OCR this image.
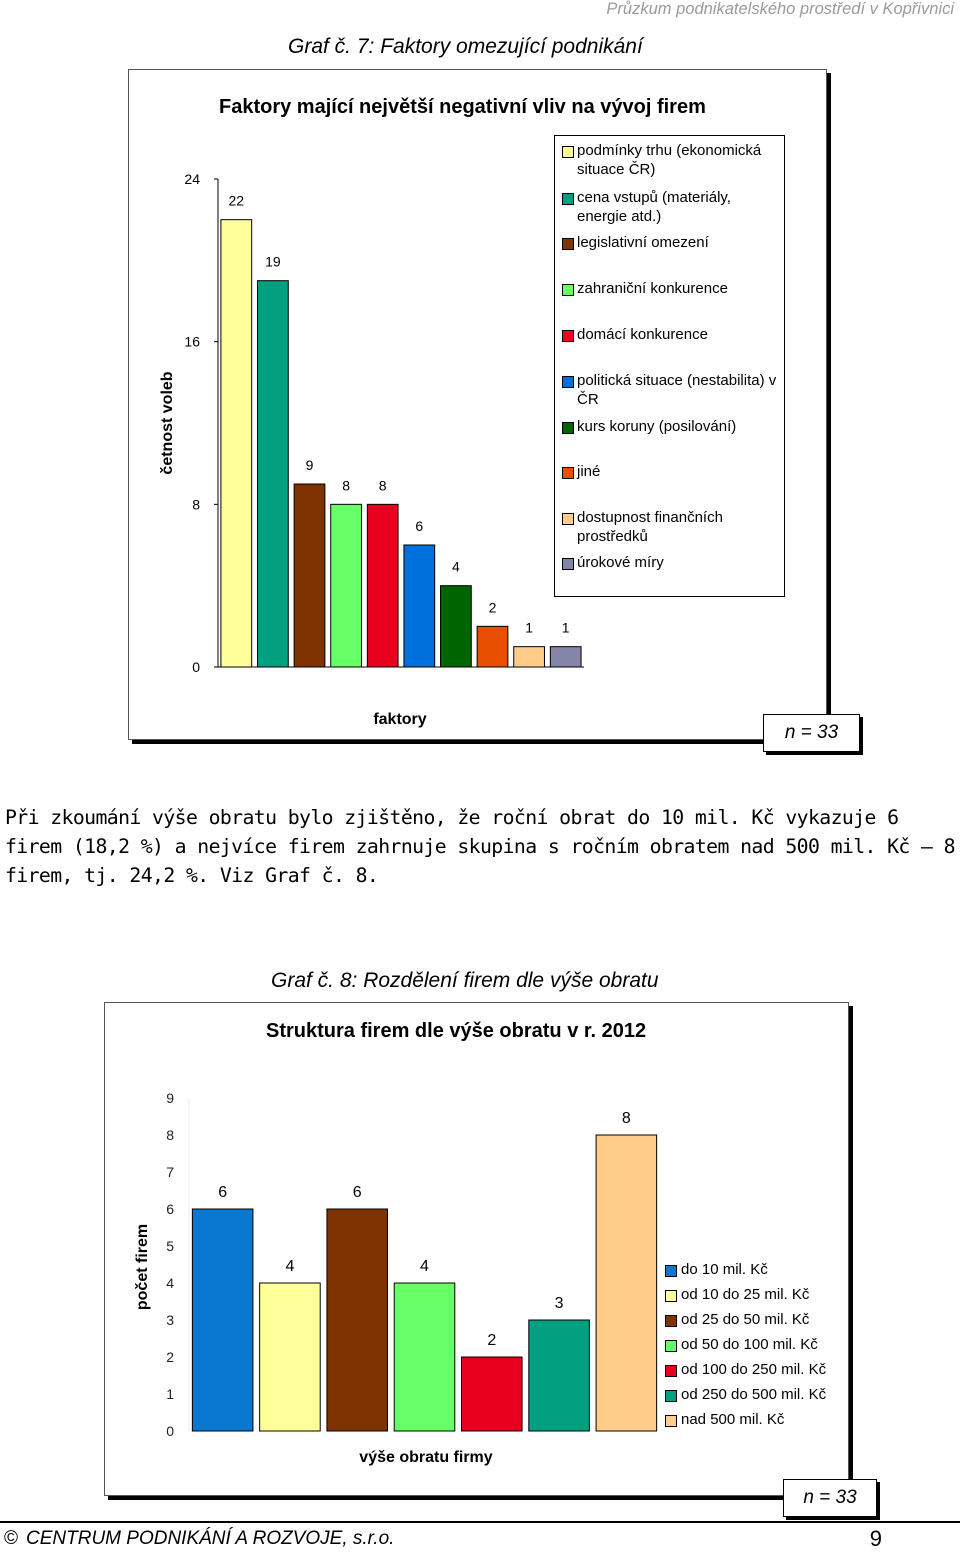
Průzkum podnikatelského prostředí v Kopřivnici
Graf č. 7: Faktory omezující podnikání
Faktory mající největší negativní vliv na vývoj firem
0
8
16
24
22
19
9
8 8
6
4
2
1 1
faktory
četnost voleb
podmínky trhu (ekonomická situace ČR)
cena vstupů (materiály, energie atd.)
legislativní omezení
zahraniční konkurence
domácí konkurence
politická situace (nestabilita) v ČR
kurs koruny (posilování)
jiné
dostupnost finančních prostředků
úrokové míry
n = 33
Při zkoumání výše obratu bylo zjištěno, že roční obrat do 10 mil. Kč vykazuje 6 firem (18,2 %) a nejvíce firem zahrnuje skupina s ročním obratem nad 500 mil. Kč – 8 firem, tj. 24,2 %. Viz Graf č. 8.
Graf č. 8: Rozdělení firem dle výše obratu
Struktura firem dle výše obratu v r. 2012
0
1
2
3
4
5
6
7
8
9
6
4
6
4
2
3
8
výše obratu firmy
počet firem	do 10 mil. Kč
od 10 do 25 mil. Kč
od 25 do 50 mil. Kč
od 50 do 100 mil. Kč
od 100 do 250 mil. Kč
od 250 do 500 mil. Kč
nad 500 mil. Kč
n = 33
© CENTRUM PODNIKÁNÍ A ROZVOJE, s.r.o.	9
